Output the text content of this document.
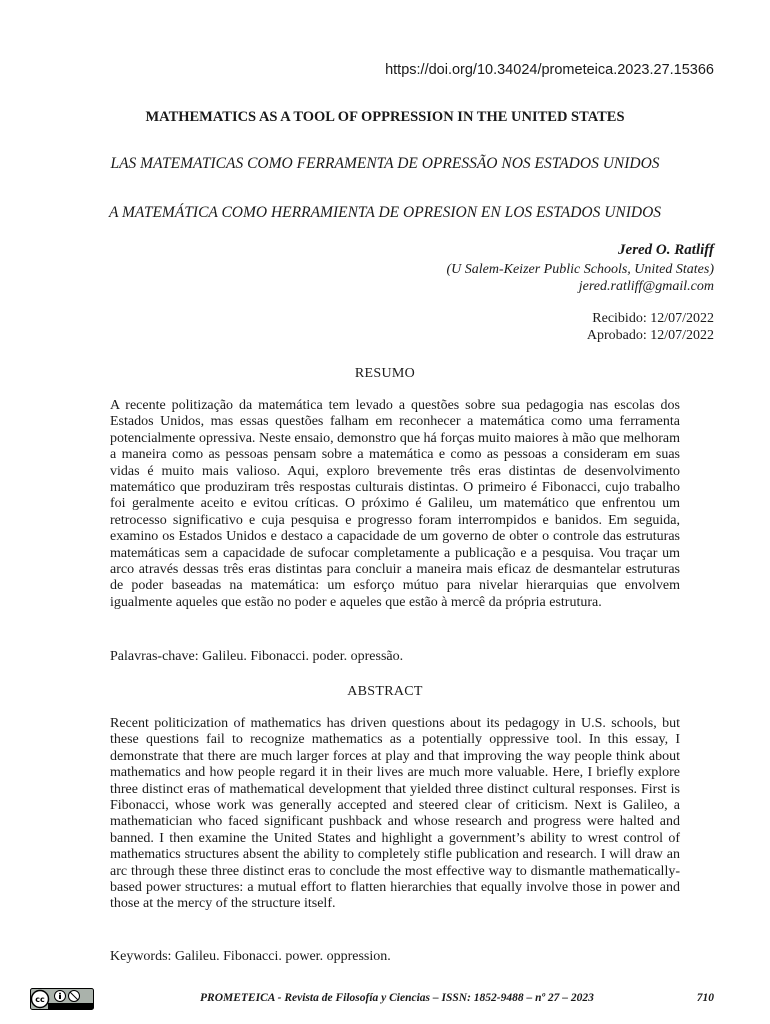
https://doi.org/10.34024/prometeica.2023.27.15366
MATHEMATICS AS A TOOL OF OPPRESSION IN THE UNITED STATES
LAS MATEMATICAS COMO FERRAMENTA DE OPRESSÃO NOS ESTADOS UNIDOS
A MATEMÁTICA COMO HERRAMIENTA DE OPRESION EN LOS ESTADOS UNIDOS
Jered O. Ratliff
(U Salem-Keizer Public Schools, United States)
jered.ratliff@gmail.com
Recibido: 12/07/2022
Aprobado: 12/07/2022
RESUMO

A recente politização da matemática tem levado a questões sobre sua pedagogia nas escolas dos Estados Unidos, mas essas questões falham em reconhecer a matemática como uma ferramenta potencialmente opressiva. Neste ensaio, demonstro que há forças muito maiores à mão que melhoram a maneira como as pessoas pensam sobre a matemática e como as pessoas a consideram em suas vidas é muito mais valioso. Aqui, exploro brevemente três eras distintas de desenvolvimento matemático que produziram três respostas culturais distintas. O primeiro é Fibonacci, cujo trabalho foi geralmente aceito e evitou críticas. O próximo é Galileu, um matemático que enfrentou um retrocesso significativo e cuja pesquisa e progresso foram interrompidos e banidos. Em seguida, examino os Estados Unidos e destaco a capacidade de um governo de obter o controle das estruturas matemáticas sem a capacidade de sufocar completamente a publicação e a pesquisa. Vou traçar um arco através dessas três eras distintas para concluir a maneira mais eficaz de desmantelar estruturas de poder baseadas na matemática: um esforço mútuo para nivelar hierarquias que envolvem igualmente aqueles que estão no poder e aqueles que estão à mercê da própria estrutura.

Palavras-chave: Galileu. Fibonacci. poder. opressão.
ABSTRACT

Recent politicization of mathematics has driven questions about its pedagogy in U.S. schools, but these questions fail to recognize mathematics as a potentially oppressive tool. In this essay, I demonstrate that there are much larger forces at play and that improving the way people think about mathematics and how people regard it in their lives are much more valuable. Here, I briefly explore three distinct eras of mathematical development that yielded three distinct cultural responses. First is Fibonacci, whose work was generally accepted and steered clear of criticism. Next is Galileo, a mathematician who faced significant pushback and whose research and progress were halted and banned. I then examine the United States and highlight a government’s ability to wrest control of mathematics structures absent the ability to completely stifle publication and research. I will draw an arc through these three distinct eras to conclude the most effective way to dismantle mathematically-based power structures: a mutual effort to flatten hierarchies that equally involve those in power and those at the mercy of the structure itself.

Keywords: Galileu. Fibonacci. power. oppression.
cc	PROMETEICA - Revista de Filosofía y Ciencias – ISSN: 1852-9488 – nº 27 – 2023	710
